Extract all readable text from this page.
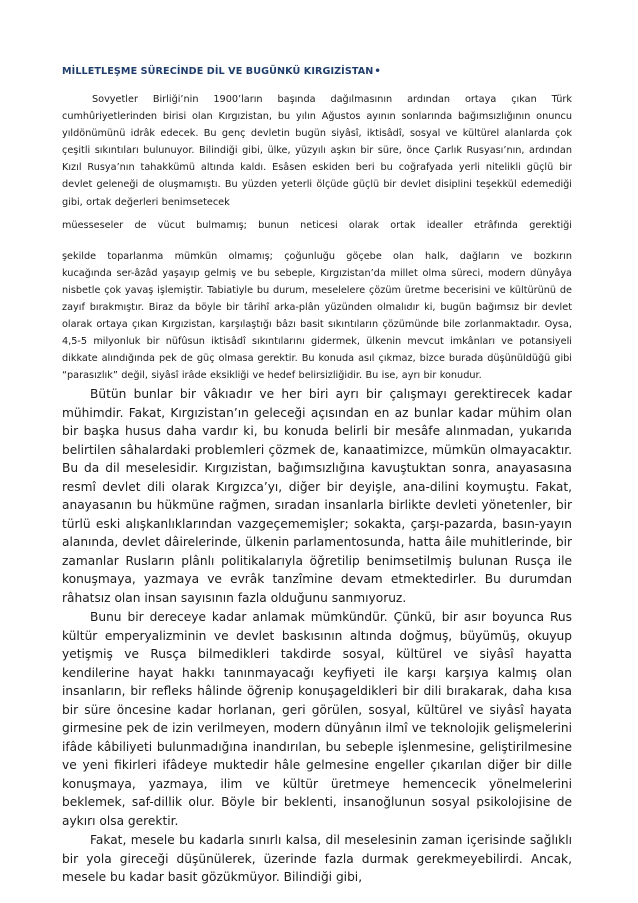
MİLLETLEŞME SÜRECİNDE DİL VE BUGÜNKÜ KIRGIZİSTAN•

Sovyetler Birliği’nin 1900’ların başında dağılmasının ardından ortaya çıkan Türk cumhûriyetlerinden birisi olan Kırgızistan, bu yılın Ağustos ayının sonlarında bağımsızlığının onuncu yıldönümünü idrâk edecek. Bu genç devletin bugün siyâsî, iktisâdî, sosyal ve kültürel alanlarda çok çeşitli sıkıntıları bulunuyor. Bilindiği gibi, ülke, yüzyılı aşkın bir süre, önce Çarlık Rusyası’nın, ardından Kızıl Rusya’nın tahakkümü altında kaldı. Esâsen eskiden beri bu coğrafyada yerli nitelikli güçlü bir devlet geleneği de oluşmamıştı. Bu yüzden yeterli ölçüde güçlü bir devlet disiplini teşekkül edemediği gibi, ortak değerleri benimsetecek
müesseseler de vücut bulmamış; bunun neticesi olarak ortak idealler etrâfında gerektiği
şekilde toparlanma mümkün olmamış; çoğunluğu göçebe olan halk, dağların ve bozkırın
kucağında ser-âzâd yaşayıp gelmiş ve bu sebeple, Kırgızistan’da millet olma süreci, modern dünyâya nisbetle çok yavaş işlemiştir. Tabiatiyle bu durum, meselelere çözüm üretme becerisini ve kültürünü de zayıf bırakmıştır. Biraz da böyle bir târihî arka-plân yüzünden olmalıdır ki, bugün bağımsız bir devlet olarak ortaya çıkan Kırgızistan, karşılaştığı bâzı basit sıkıntıların çözümünde bile zorlanmaktadır. Oysa, 4,5-5 milyonluk bir nüfûsun iktisâdî sıkıntılarını gidermek, ülkenin mevcut imkânları ve potansiyeli dikkate alındığında pek de güç olmasa gerektir. Bu konuda asıl çıkmaz, bizce burada düşünüldüğü gibi “parasızlık” değil, siyâsî irâde eksikliği ve hedef belirsizliğidir. Bu ise, ayrı bir konudur.

Bütün bunlar bir vâkıadır ve her biri ayrı bir çalışmayı gerektirecek kadar mühimdir. Fakat, Kırgızistan’ın geleceği açısından en az bunlar kadar mühim olan bir başka husus daha vardır ki, bu konuda belirli bir mesâfe alınmadan, yukarıda belirtilen sâhalardaki problemleri çözmek de, kanaatimizce, mümkün olmayacaktır. Bu da dil meselesidir. Kırgızistan, bağımsızlığına kavuştuktan sonra, anayasasına resmî devlet dili olarak Kırgızca’yı, diğer bir deyişle, ana-dilini koymuştu. Fakat, anayasanın bu hükmüne rağmen, sıradan insanlarla birlikte devleti yönetenler, bir türlü eski alışkanlıklarından vazgeçememişler; sokakta, çarşı-pazarda, basın-yayın alanında, devlet dâirelerinde, ülkenin parlamentosunda, hatta âile muhitlerinde, bir zamanlar Rusların plânlı politikalarıyla öğretilip benimsetilmiş bulunan Rusça ile konuşmaya, yazmaya ve evrâk tanzîmine devam etmektedirler. Bu durumdan râhatsız olan insan sayısının fazla olduğunu sanmıyoruz.

Bunu bir dereceye kadar anlamak mümkündür. Çünkü, bir asır boyunca Rus kültür emperyalizminin ve devlet baskısının altında doğmuş, büyümüş, okuyup yetişmiş ve Rusça bilmedikleri takdirde sosyal, kültürel ve siyâsî hayatta kendilerine hayat hakkı tanınmayacağı keyfiyeti ile karşı karşıya kalmış olan insanların, bir refleks hâlinde öğrenip konuşageldikleri bir dili bırakarak, daha kısa bir süre öncesine kadar horlanan, geri görülen, sosyal, kültürel ve siyâsî hayata girmesine pek de izin verilmeyen, modern dünyânın ilmî ve teknolojik gelişmelerini ifâde kâbiliyeti bulunmadığına inandırılan, bu sebeple işlenmesine, geliştirilmesine ve yeni fikirleri ifâdeye muktedir hâle gelmesine engeller çıkarılan diğer bir dille konuşmaya, yazmaya, ilim ve kültür üretmeye hemencecik yönelmelerini beklemek, saf-dillik olur. Böyle bir beklenti, insanoğlunun sosyal psikolojisine de aykırı olsa gerektir.

Fakat, mesele bu kadarla sınırlı kalsa, dil meselesinin zaman içerisinde sağlıklı bir yola gireceği düşünülerek, üzerinde fazla durmak gerekmeyebilirdi. Ancak, mesele bu kadar basit gözükmüyor. Bilindiği gibi,
